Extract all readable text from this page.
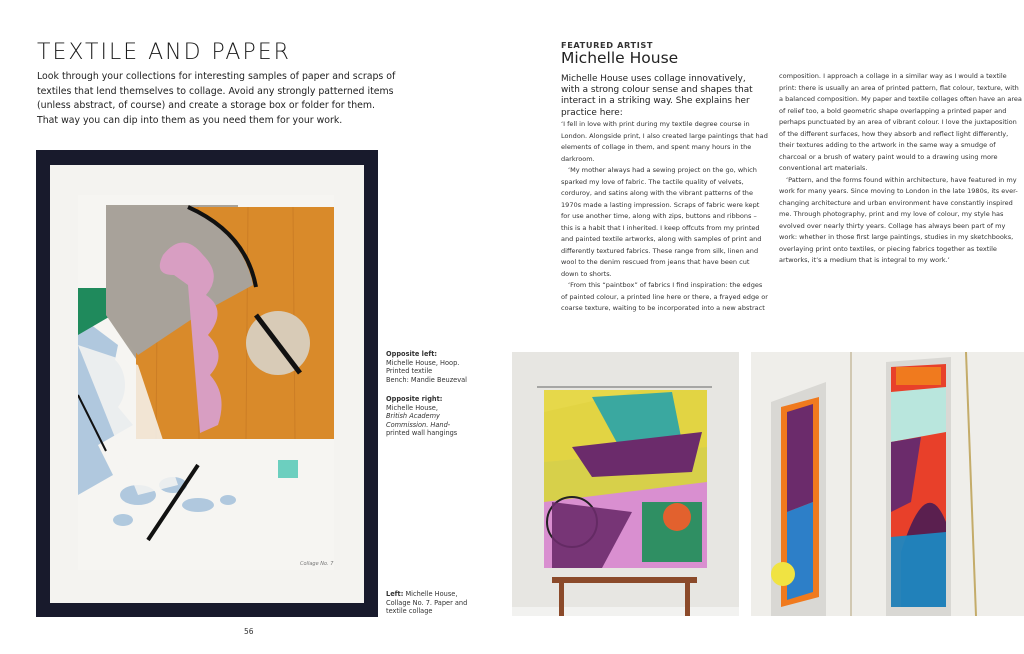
TEXTILE AND PAPER

Look through your collections for interesting samples of paper and scraps of textiles that lend themselves to collage. Avoid any strongly patterned items (unless abstract, of course) and create a storage box or folder for them. That way you can dip into them as you need them for your work.

Collage No. 7
Opposite left:
Michelle House, Hoop.
Printed textile
Bench: Mandie Beuzeval
Opposite right:
Michelle House,
British Academy
Commission. Hand-
printed wall hangings
Left: Michelle House,
Collage No. 7. Paper and
textile collage
56

FEATURED ARTIST

Michelle House

Michelle House uses collage innovatively, with a strong colour sense and shapes that interact in a striking way. She explains her practice here:

‘I fell in love with print during my textile degree course in London. Alongside print, I also created large paintings that had elements of collage in them, and spent many hours in the darkroom.

‘My mother always had a sewing project on the go, which sparked my love of fabric. The tactile quality of velvets, corduroy, and satins along with the vibrant patterns of the 1970s made a lasting impression. Scraps of fabric were kept for use another time, along with zips, buttons and ribbons – this is a habit that I inherited. I keep offcuts from my printed and painted textile artworks, along with samples of print and differently textured fabrics. These range from silk, linen and wool to the denim rescued from jeans that have been cut down to shorts.

‘From this “paintbox” of fabrics I find inspiration: the edges of painted colour, a printed line here or there, a frayed edge or coarse texture, waiting to be incorporated into a new abstract

composition. I approach a collage in a similar way as I would a textile print: there is usually an area of printed pattern, flat colour, texture, with a balanced composition. My paper and textile collages often have an area of relief too, a bold geometric shape overlapping a printed paper and perhaps punctuated by an area of vibrant colour. I love the juxtaposition of the different surfaces, how they absorb and reflect light differently, their textures adding to the artwork in the same way a smudge of charcoal or a brush of watery paint would to a drawing using more conventional art materials.

‘Pattern, and the forms found within architecture, have featured in my work for many years. Since moving to London in the late 1980s, its ever-changing architecture and urban environment have constantly inspired me. Through photography, print and my love of colour, my style has evolved over nearly thirty years. Collage has always been part of my work: whether in those first large paintings, studies in my sketchbooks, overlaying print onto textiles, or piecing fabrics together as textile artworks, it’s a medium that is integral to my work.’
